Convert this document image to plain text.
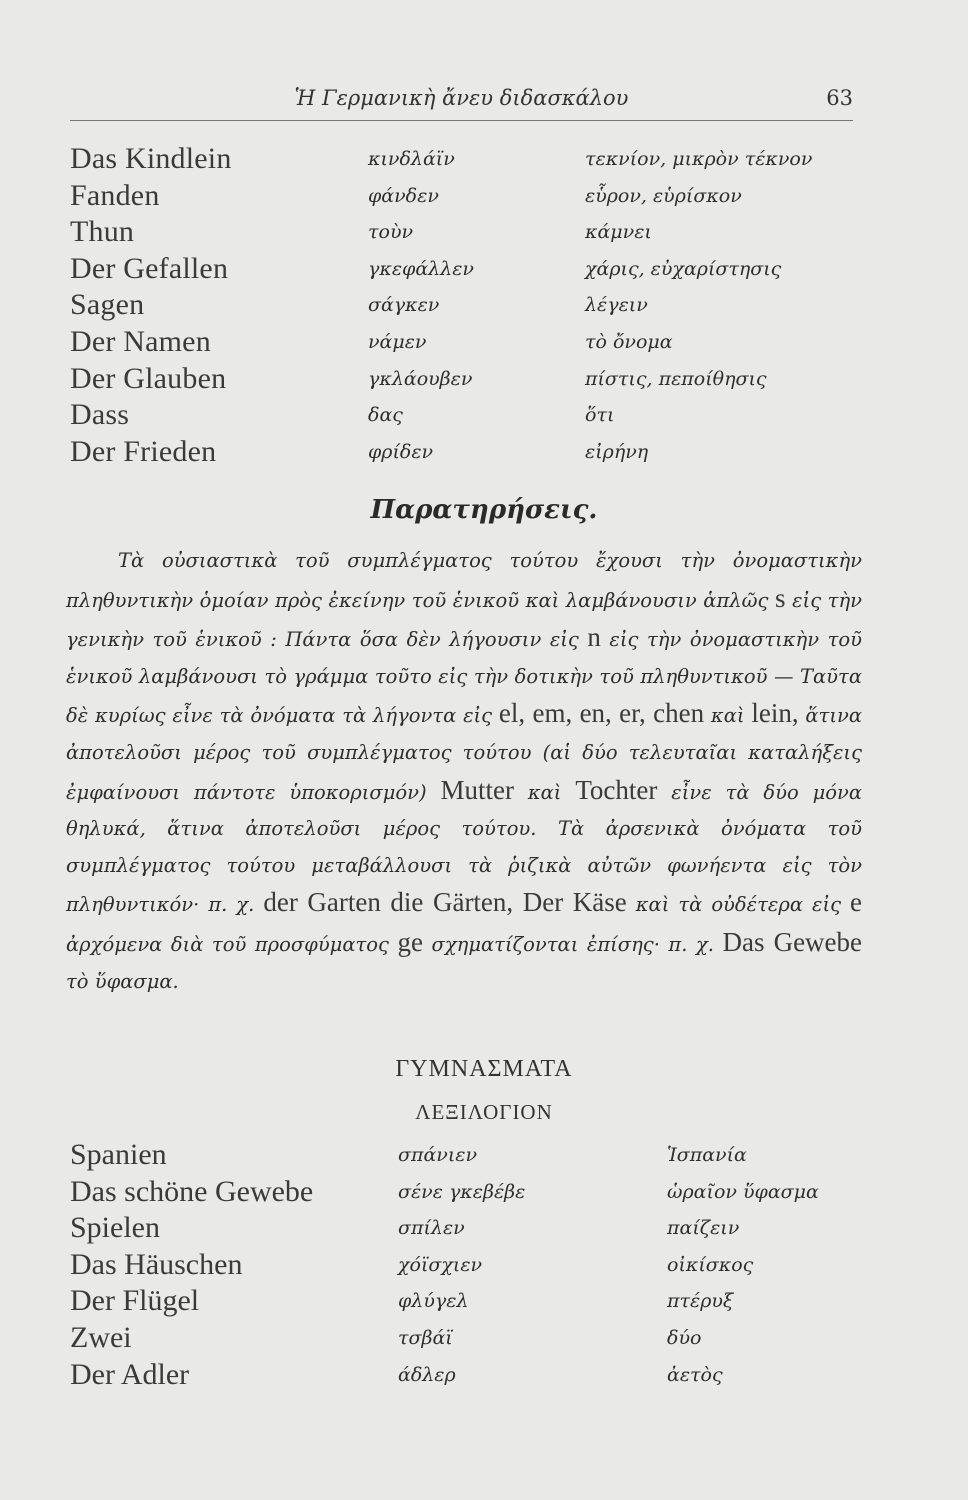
Ἡ Γερμανικὴ ἄνευ διδασκάλου	63
Das Kindlein	κινδλάϊν	τεκνίον, μικρὸν τέκνον
Fanden	φάνδεν	εὗρον, εὑρίσκον
Thun	τοὺν	κάμνει
Der Gefallen	γκεφάλλεν	χάρις, εὐχαρίστησις
Sagen	σάγκεν	λέγειν
Der Namen	νάμεν	τὸ ὄνομα
Der Glauben	γκλάουβεν	πίστις, πεποίθησις
Dass	δας	ὅτι
Der Frieden	φρίδεν	εἰρήνη
Παρατηρήσεις.

Τὰ οὐσιαστικὰ τοῦ συμπλέγματος τούτου ἔχουσι τὴν ὀνομαστικὴν πληθυντικὴν ὁμοίαν πρὸς ἐκείνην τοῦ ἑνικοῦ καὶ λαμβάνουσιν ἁπλῶς s εἰς τὴν γενικὴν τοῦ ἑνικοῦ : Πάντα ὅσα δὲν λήγουσιν εἰς n εἰς τὴν ὀνομαστικὴν τοῦ ἑνικοῦ λαμβάνουσι τὸ γράμμα τοῦτο εἰς τὴν δοτικὴν τοῦ πληθυντικοῦ — Ταῦτα δὲ κυρίως εἶνε τὰ ὀνόματα τὰ λήγοντα εἰς el, em, en, er, chen καὶ lein, ἅτινα ἀποτελοῦσι μέρος τοῦ συμπλέγματος τούτου (αἱ δύο τελευταῖαι καταλήξεις ἐμφαίνουσι πάντοτε ὑποκορισμόν) Mutter καὶ Tochter εἶνε τὰ δύο μόνα θηλυκά, ἅτινα ἀποτελοῦσι μέρος τούτου. Τὰ ἀρσενικὰ ὀνόματα τοῦ συμπλέγματος τούτου μεταβάλλουσι τὰ ῥιζικὰ αὐτῶν φωνήεντα εἰς τὸν πληθυντικόν· π. χ. der Garten die Gärten, Der Käse καὶ τὰ οὐδέτερα εἰς e ἀρχόμενα διὰ τοῦ προσφύματος ge σχηματίζονται ἐπίσης· π. χ. Das Gewebe τὸ ὕφασμα.

ΓΥΜΝΑΣΜΑΤΑ
ΛΕΞΙΛΟΓΙΟΝ
Spanien	σπάνιεν	Ἱσπανία
Das schöne Gewebe	σένε γκεβέβε	ὡραῖον ὕφασμα
Spielen	σπίλεν	παίζειν
Das Häuschen	χόϊσχιεν	οἰκίσκος
Der Flügel	φλύγελ	πτέρυξ
Zwei	τσβάϊ	δύο
Der Adler	άδλερ	ἀετὸς
